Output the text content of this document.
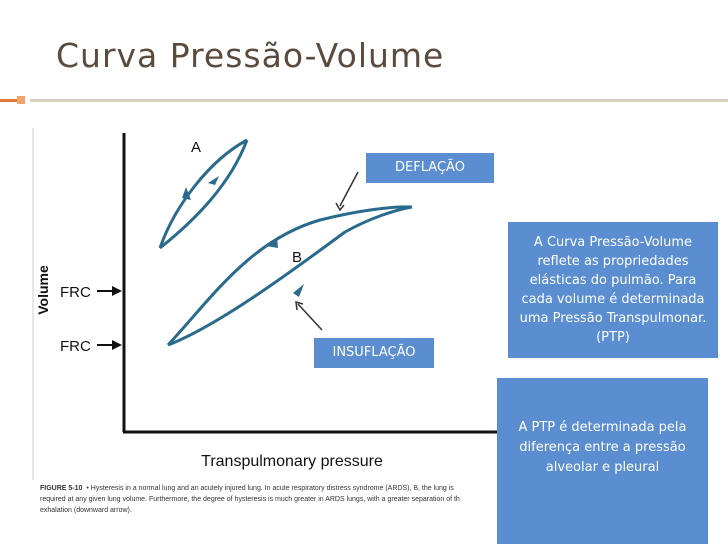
Curva Pressão-Volume
Volume
Transpulmonary pressure
FRC
FRC
A
B
DEFLAÇÃO
INSUFLAÇÃO
A Curva Pressão-Volume reflete as propriedades elásticas do pulmão. Para cada volume é determinada uma Pressão Transpulmonar. (PTP)
A PTP é determinada pela diferença entre a pressão alveolar e pleural
FIGURE 5-10 • Hysteresis in a normal lung and an acutely injured lung. In acute respiratory distress syndrome (ARDS), B, the lung is
required at any given lung volume. Furthermore, the degree of hysteresis is much greater in ARDS lungs, with a greater separation of th
exhalation (downward arrow).
